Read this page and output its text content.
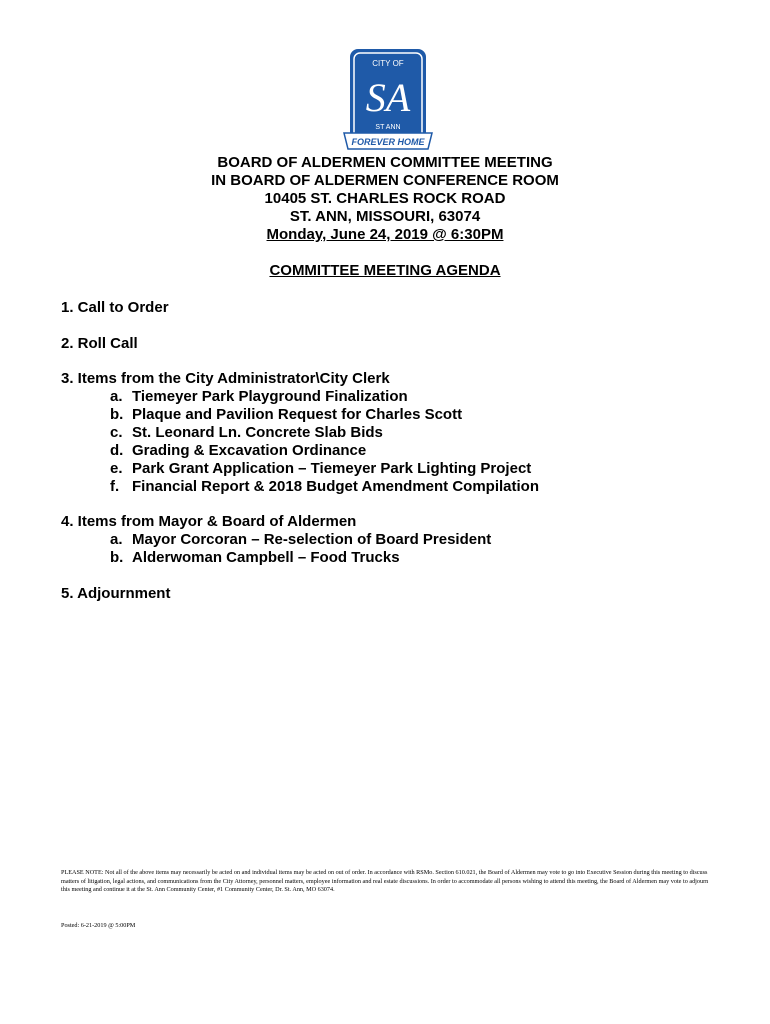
CITY OF
SA
ST ANN
FOREVER HOME
BOARD OF ALDERMEN COMMITTEE MEETING
IN BOARD OF ALDERMEN CONFERENCE ROOM
10405 ST. CHARLES ROCK ROAD
ST. ANN, MISSOURI, 63074
Monday, June 24, 2019 @ 6:30PM
COMMITTEE MEETING AGENDA
1. Call to Order
2. Roll Call
3. Items from the City Administrator\City Clerk
a. Tiemeyer Park Playground Finalization
b. Plaque and Pavilion Request for Charles Scott
c. St. Leonard Ln. Concrete Slab Bids
d. Grading & Excavation Ordinance
e. Park Grant Application – Tiemeyer Park Lighting Project
f. Financial Report & 2018 Budget Amendment Compilation
4. Items from Mayor & Board of Aldermen
a. Mayor Corcoran – Re-selection of Board President
b. Alderwoman Campbell – Food Trucks
5. Adjournment
PLEASE NOTE: Not all of the above items may necessarily be acted on and individual items may be acted on out of order. In accordance with RSMo. Section 610.021, the Board of Aldermen may vote to go into Executive Session during this meeting to discuss matters of litigation, legal actions, and communications from the City Attorney, personnel matters, employee information and real estate discussions. In order to accommodate all persons wishing to attend this meeting, the Board of Aldermen may vote to adjourn this meeting and continue it at the St. Ann Community Center, #1 Community Center, Dr. St. Ann, MO 63074.
Posted: 6-21-2019 @ 5:00PM
